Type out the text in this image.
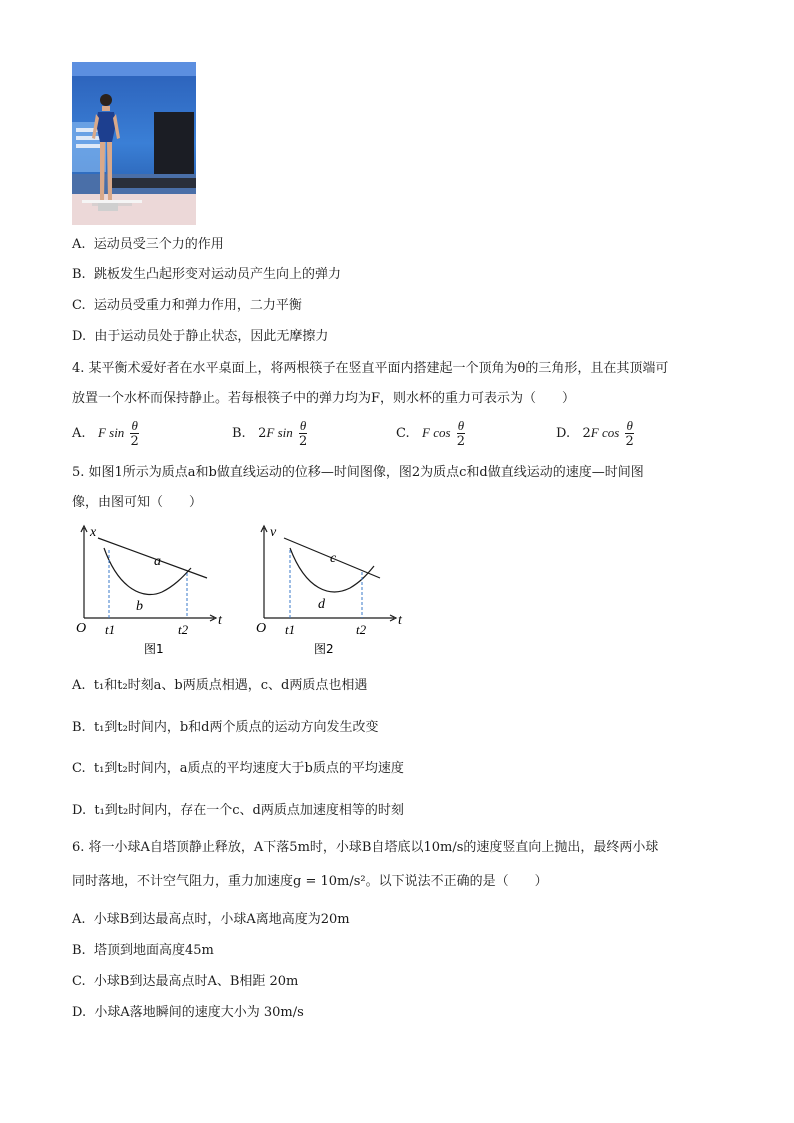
A. 运动员受三个力的作用
B. 跳板发生凸起形变对运动员产生向上的弹力
C. 运动员受重力和弹力作用，二力平衡
D. 由于运动员处于静止状态，因此无摩擦力
4. 某平衡术爱好者在水平桌面上，将两根筷子在竖直平面内搭建起一个顶角为θ的三角形，且在其顶端可
放置一个水杯而保持静止。若每根筷子中的弹力均为F，则水杯的重力可表示为（　　）
A. F $\sin \frac{\theta}{2}$	B. 2F $\sin \frac{\theta}{2}$	C. F $\cos \frac{\theta}{2}$	D. 2F $\cos \frac{\theta}{2}$
5. 如图1所示为质点a和b做直线运动的位移—时间图像，图2为质点c和d做直线运动的速度—时间图
像，由图可知（　　）
x
t
O t1	t2
a
b
图1
v
t
O t1	t2
c
d
图2
A. t₁和t₂时刻a、b两质点相遇，c、d两质点也相遇
B. t₁到t₂时间内，b和d两个质点的运动方向发生改变
C. t₁到t₂时间内，a质点的平均速度大于b质点的平均速度
D. t₁到t₂时间内，存在一个c、d两质点加速度相等的时刻
6. 将一小球A自塔顶静止释放，A下落5m时，小球B自塔底以10m/s的速度竖直向上抛出，最终两小球
同时落地，不计空气阻力，重力加速度g = 10m/s²。以下说法不正确的是（　　）
A. 小球B到达最高点时，小球A离地高度为20m
B. 塔顶到地面高度45m
C. 小球B到达最高点时A、B相距 20m
D. 小球A落地瞬间的速度大小为 30m/s
